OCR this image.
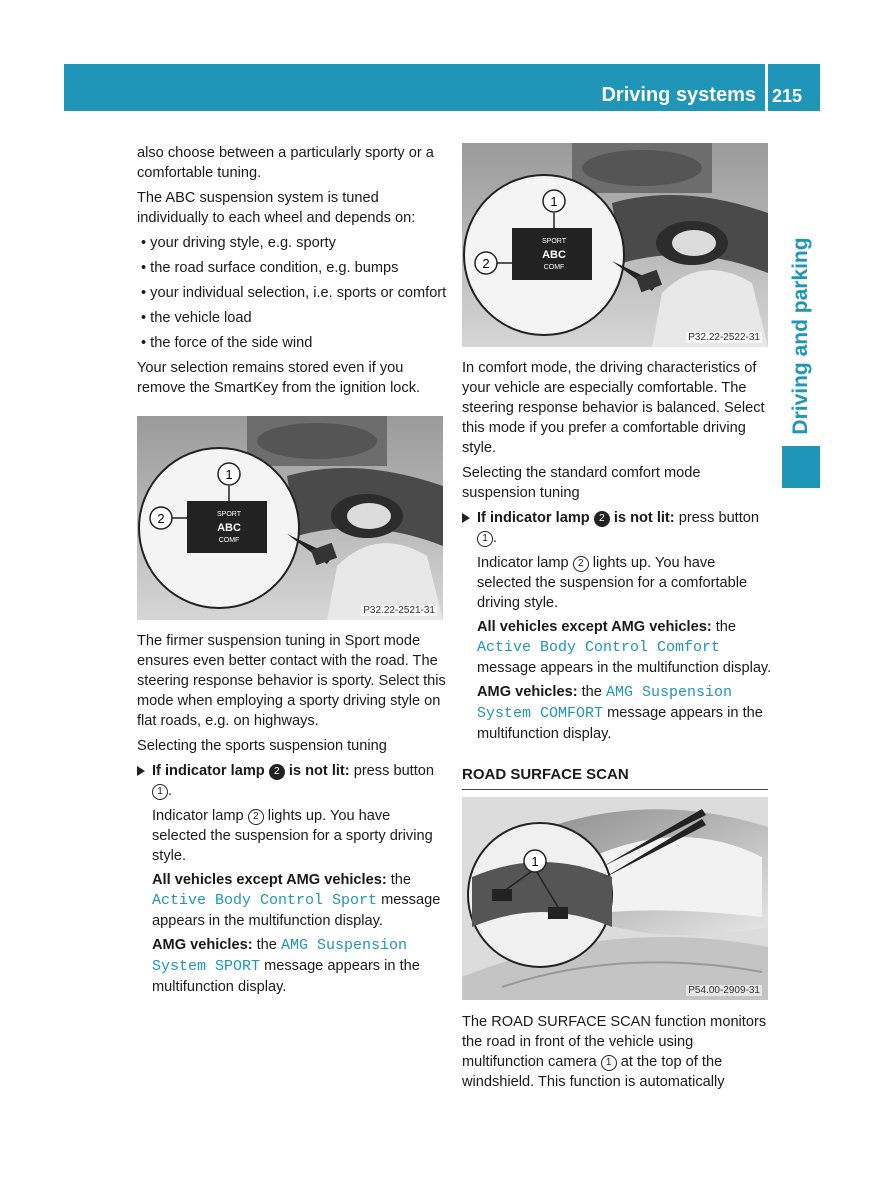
Driving systems 215
Driving and parking

also choose between a particularly sporty or a comfortable tuning.

The ABC suspension system is tuned individually to each wheel and depends on:

• your driving style, e.g. sporty

• the road surface condition, e.g. bumps

• your individual selection, i.e. sports or comfort

• the vehicle load

• the force of the side wind

Your selection remains stored even if you remove the SmartKey from the ignition lock.

SPORT
ABC
COMF
1
2
P32.22-2521-31

The firmer suspension tuning in Sport mode ensures even better contact with the road. The steering response behavior is sporty. Select this mode when employing a sporty driving style on flat roads, e.g. on highways.

Selecting the sports suspension tuning

If indicator lamp 2 is not lit: press button 1 .

Indicator lamp 2 lights up. You have selected the suspension for a sporty driving style.

All vehicles except AMG vehicles: the Active Body Control Sport message appears in the multifunction display.

AMG vehicles: the AMG Suspension System SPORT message appears in the multifunction display.

SPORT
ABC
COMF
1
2
P32.22-2522-31

In comfort mode, the driving characteristics of your vehicle are especially comfortable. The steering response behavior is balanced. Select this mode if you prefer a comfortable driving style.

Selecting the standard comfort mode suspension tuning

If indicator lamp 2 is not lit: press button 1 .

Indicator lamp 2 lights up. You have selected the suspension for a comfortable driving style.

All vehicles except AMG vehicles: the Active Body Control Comfort message appears in the multifunction display.

AMG vehicles: the AMG Suspension System COMFORT message appears in the multifunction display.

ROAD SURFACE SCAN
1
P54.00-2909-31

The ROAD SURFACE SCAN function monitors the road in front of the vehicle using multifunction camera 1 at the top of the windshield. This function is automatically
